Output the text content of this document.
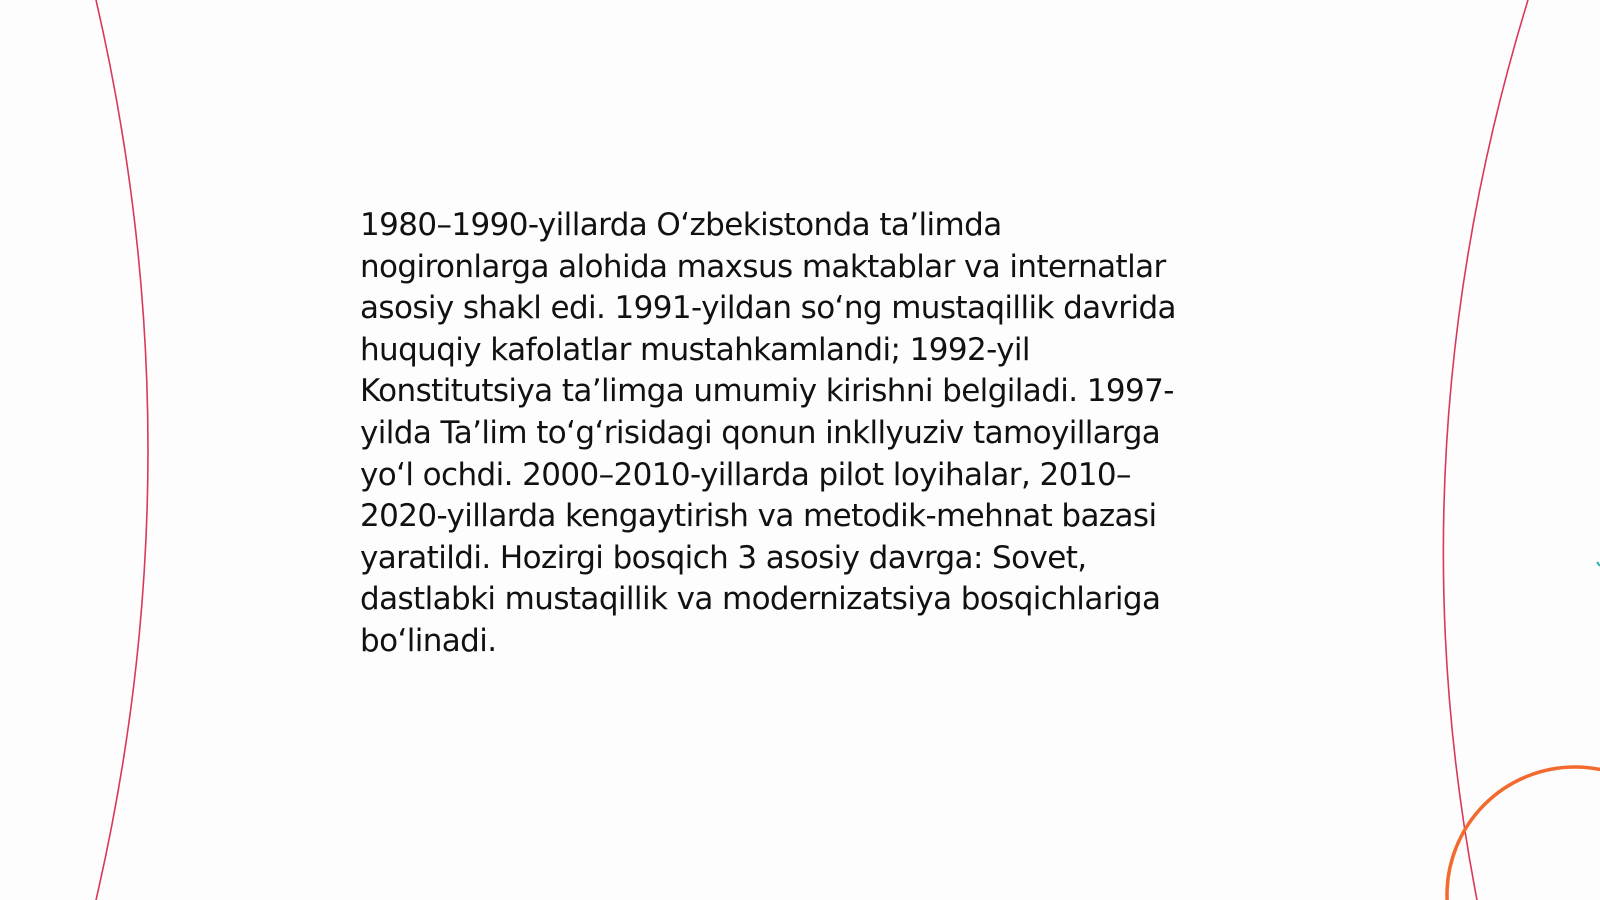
1980–1990-yillarda O‘zbekistonda ta’limda
nogironlarga alohida maxsus maktablar va internatlar
asosiy shakl edi. 1991-yildan so‘ng mustaqillik davrida
huquqiy kafolatlar mustahkamlandi; 1992-yil
Konstitutsiya ta’limga umumiy kirishni belgiladi. 1997-
yilda Ta’lim to‘g‘risidagi qonun inkllyuziv tamoyillarga
yo‘l ochdi. 2000–2010-yillarda pilot loyihalar, 2010–
2020-yillarda kengaytirish va metodik-mehnat bazasi
yaratildi. Hozirgi bosqich 3 asosiy davrga: Sovet,
dastlabki mustaqillik va modernizatsiya bosqichlariga
bo‘linadi.
